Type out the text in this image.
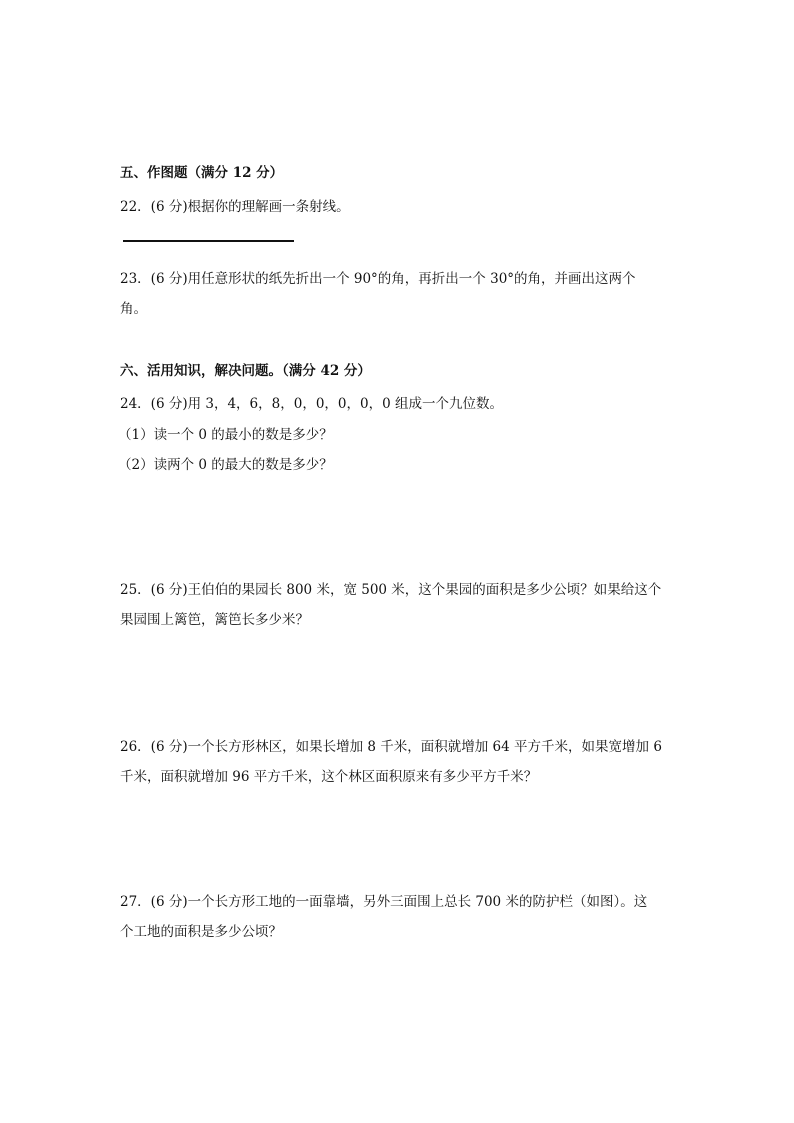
五、作图题（满分 12 分）
22．(6 分)根据你的理解画一条射线。
23．(6 分)用任意形状的纸先折出一个 90°的角，再折出一个 30°的角，并画出这两个
角。
六、活用知识，解决问题。（满分 42 分）
24．(6 分)用 3，4，6，8，0，0，0，0，0 组成一个九位数。
（1）读一个 0 的最小的数是多少？
（2）读两个 0 的最大的数是多少？
25．(6 分)王伯伯的果园长 800 米，宽 500 米，这个果园的面积是多少公顷？如果给这个
果园围上篱笆，篱笆长多少米？
26．(6 分)一个长方形林区，如果长增加 8 千米，面积就增加 64 平方千米，如果宽增加 6
千米，面积就增加 96 平方千米，这个林区面积原来有多少平方千米？
27．(6 分)一个长方形工地的一面靠墙，另外三面围上总长 700 米的防护栏（如图）。这
个工地的面积是多少公顷？
